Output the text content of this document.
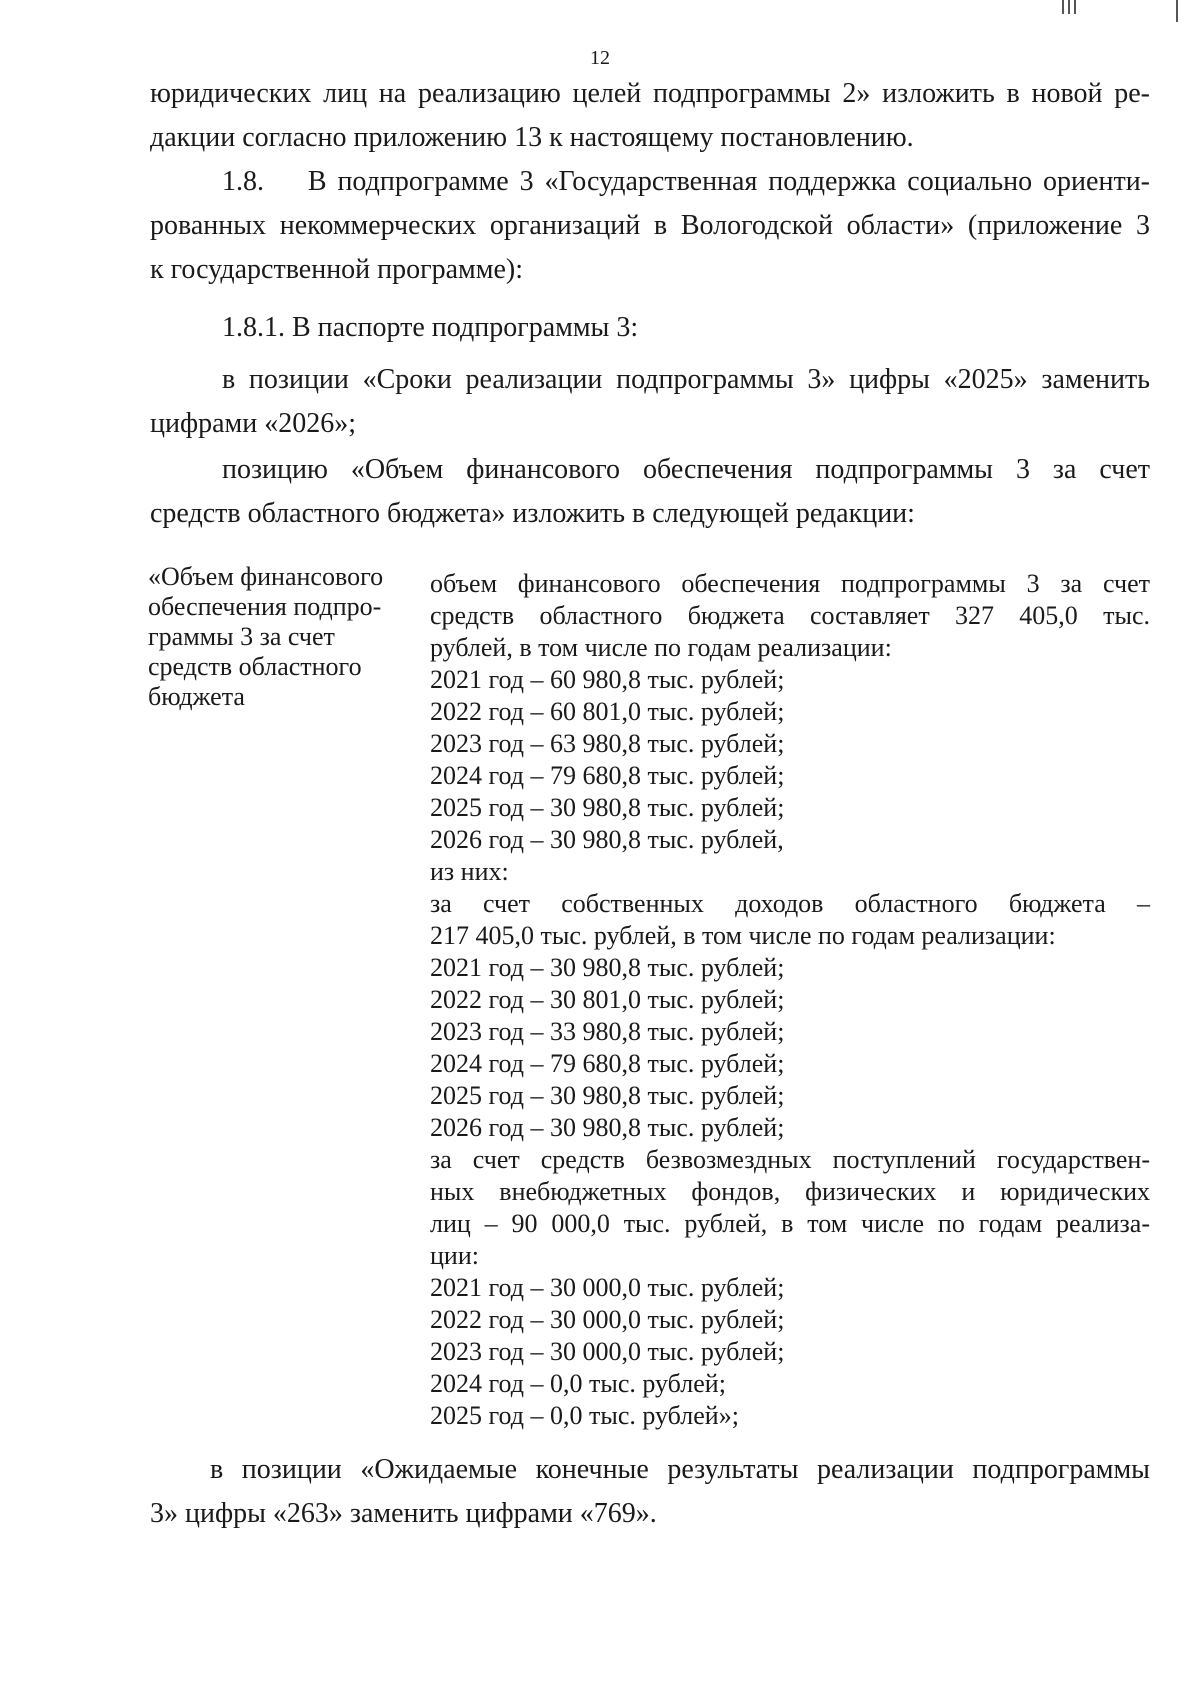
12
юридических лиц на реализацию целей подпрограммы 2» изложить в новой ре-
дакции согласно приложению 13 к настоящему постановлению.
1.8.    В подпрограмме 3 «Государственная поддержка социально ориенти-
рованных некоммерческих организаций в Вологодской области» (приложение 3
к государственной программе):
1.8.1. В паспорте подпрограммы 3:
в позиции «Сроки реализации подпрограммы 3» цифры «2025» заменить
цифрами «2026»;
позицию «Объем финансового обеспечения подпрограммы 3 за счет
средств областного бюджета» изложить в следующей редакции:
«Объем финансового
обеспечения подпро-
граммы 3 за счет
средств областного
бюджета
объем финансового обеспечения подпрограммы 3 за счет
средств областного бюджета составляет 327 405,0 тыс.
рублей, в том числе по годам реализации:
2021 год – 60 980,8 тыс. рублей;
2022 год – 60 801,0 тыс. рублей;
2023 год – 63 980,8 тыс. рублей;
2024 год – 79 680,8 тыс. рублей;
2025 год – 30 980,8 тыс. рублей;
2026 год – 30 980,8 тыс. рублей,
из них:
за счет собственных доходов областного бюджета –
217 405,0 тыс. рублей, в том числе по годам реализации:
2021 год – 30 980,8 тыс. рублей;
2022 год – 30 801,0 тыс. рублей;
2023 год – 33 980,8 тыс. рублей;
2024 год – 79 680,8 тыс. рублей;
2025 год – 30 980,8 тыс. рублей;
2026 год – 30 980,8 тыс. рублей;
за счет средств безвозмездных поступлений государствен-
ных внебюджетных фондов, физических и юридических
лиц – 90 000,0 тыс. рублей, в том числе по годам реализа-
ции:
2021 год – 30 000,0 тыс. рублей;
2022 год – 30 000,0 тыс. рублей;
2023 год – 30 000,0 тыс. рублей;
2024 год – 0,0 тыс. рублей;
2025 год – 0,0 тыс. рублей»;
в позиции «Ожидаемые конечные результаты реализации подпрограммы
3» цифры «263» заменить цифрами «769».
